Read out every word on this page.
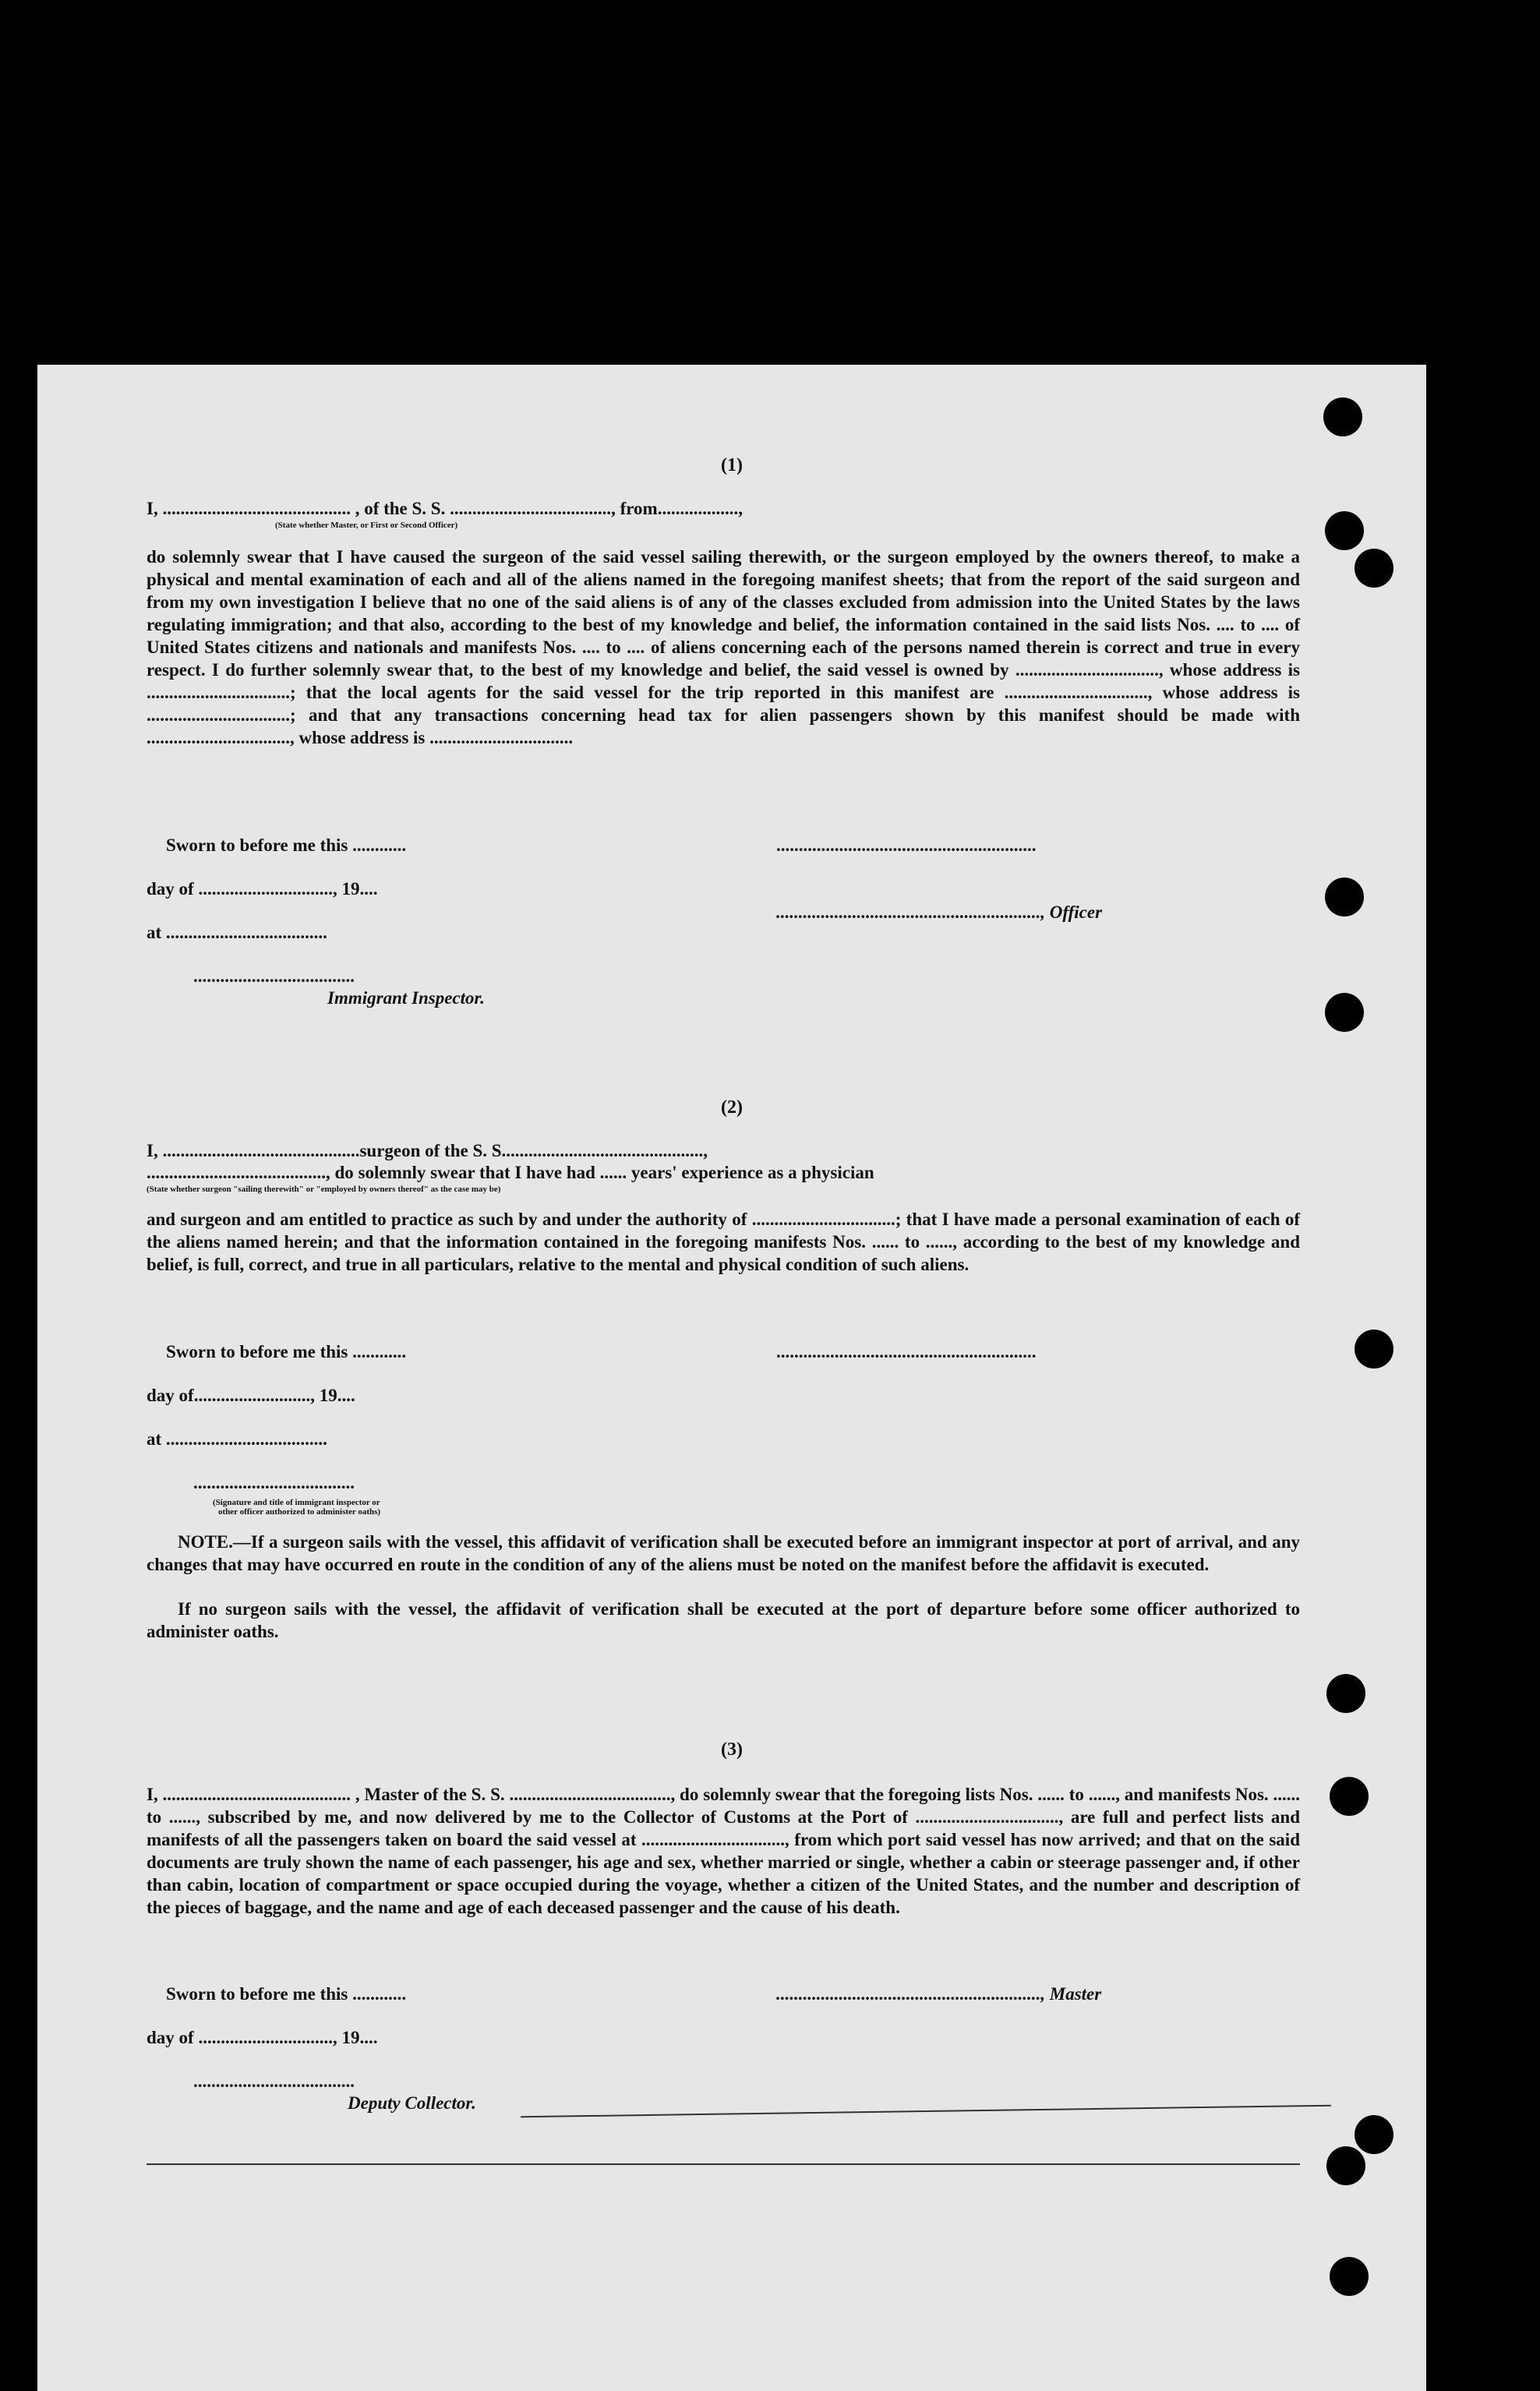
(1)
I, .......................................... , of the S. S. ...................................., from..................,
(State whether Master, or First or Second Officer)
do solemnly swear that I have caused the surgeon of the said vessel sailing therewith, or the surgeon employed by the owners thereof, to make a physical and mental examination of each and all of the aliens named in the foregoing manifest sheets; that from the report of the said surgeon and from my own investigation I believe that no one of the said aliens is of any of the classes excluded from admission into the United States by the laws regulating immigration; and that also, according to the best of my knowledge and belief, the information contained in the said lists Nos. .... to .... of United States citizens and nationals and manifests Nos. .... to .... of aliens concerning each of the persons named therein is correct and true in every respect. I do further solemnly swear that, to the best of my knowledge and belief, the said vessel is owned by ................................, whose address is ................................; that the local agents for the said vessel for the trip reported in this manifest are ................................, whose address is ................................; and that any transactions concerning head tax for alien passengers shown by this manifest should be made with ................................, whose address is ................................
Sworn to before me this ............	..........................................................
day of .............................., 19....
..........................................................., Officer
at ....................................
....................................
Immigrant Inspector.
(2)
I, ............................................surgeon of the S. S.............................................,
........................................, do solemnly swear that I have had ...... years' experience as a physician
(State whether surgeon "sailing therewith" or "employed by owners thereof" as the case may be)
and surgeon and am entitled to practice as such by and under the authority of ................................; that I have made a personal examination of each of the aliens named herein; and that the information contained in the foregoing manifests Nos. ...... to ......, according to the best of my knowledge and belief, is full, correct, and true in all particulars, relative to the mental and physical condition of such aliens.
Sworn to before me this ............	..........................................................
day of.........................., 19....
at ....................................
....................................
(Signature and title of immigrant inspector or
other officer authorized to administer oaths)
NOTE.—If a surgeon sails with the vessel, this affidavit of verification shall be executed before an immigrant inspector at port of arrival, and any changes that may have occurred en route in the condition of any of the aliens must be noted on the manifest before the affidavit is executed.
If no surgeon sails with the vessel, the affidavit of verification shall be executed at the port of departure before some officer authorized to administer oaths.
(3)
I, .......................................... , Master of the S. S. ...................................., do solemnly swear that the foregoing lists Nos. ...... to ......, and manifests Nos. ...... to ......, subscribed by me, and now delivered by me to the Collector of Customs at the Port of ................................, are full and perfect lists and manifests of all the passengers taken on board the said vessel at ................................, from which port said vessel has now arrived; and that on the said documents are truly shown the name of each passenger, his age and sex, whether married or single, whether a cabin or steerage passenger and, if other than cabin, location of compartment or space occupied during the voyage, whether a citizen of the United States, and the number and description of the pieces of baggage, and the name and age of each deceased passenger and the cause of his death.
Sworn to before me this ............	..........................................................., Master
day of .............................., 19....
....................................
Deputy Collector.
